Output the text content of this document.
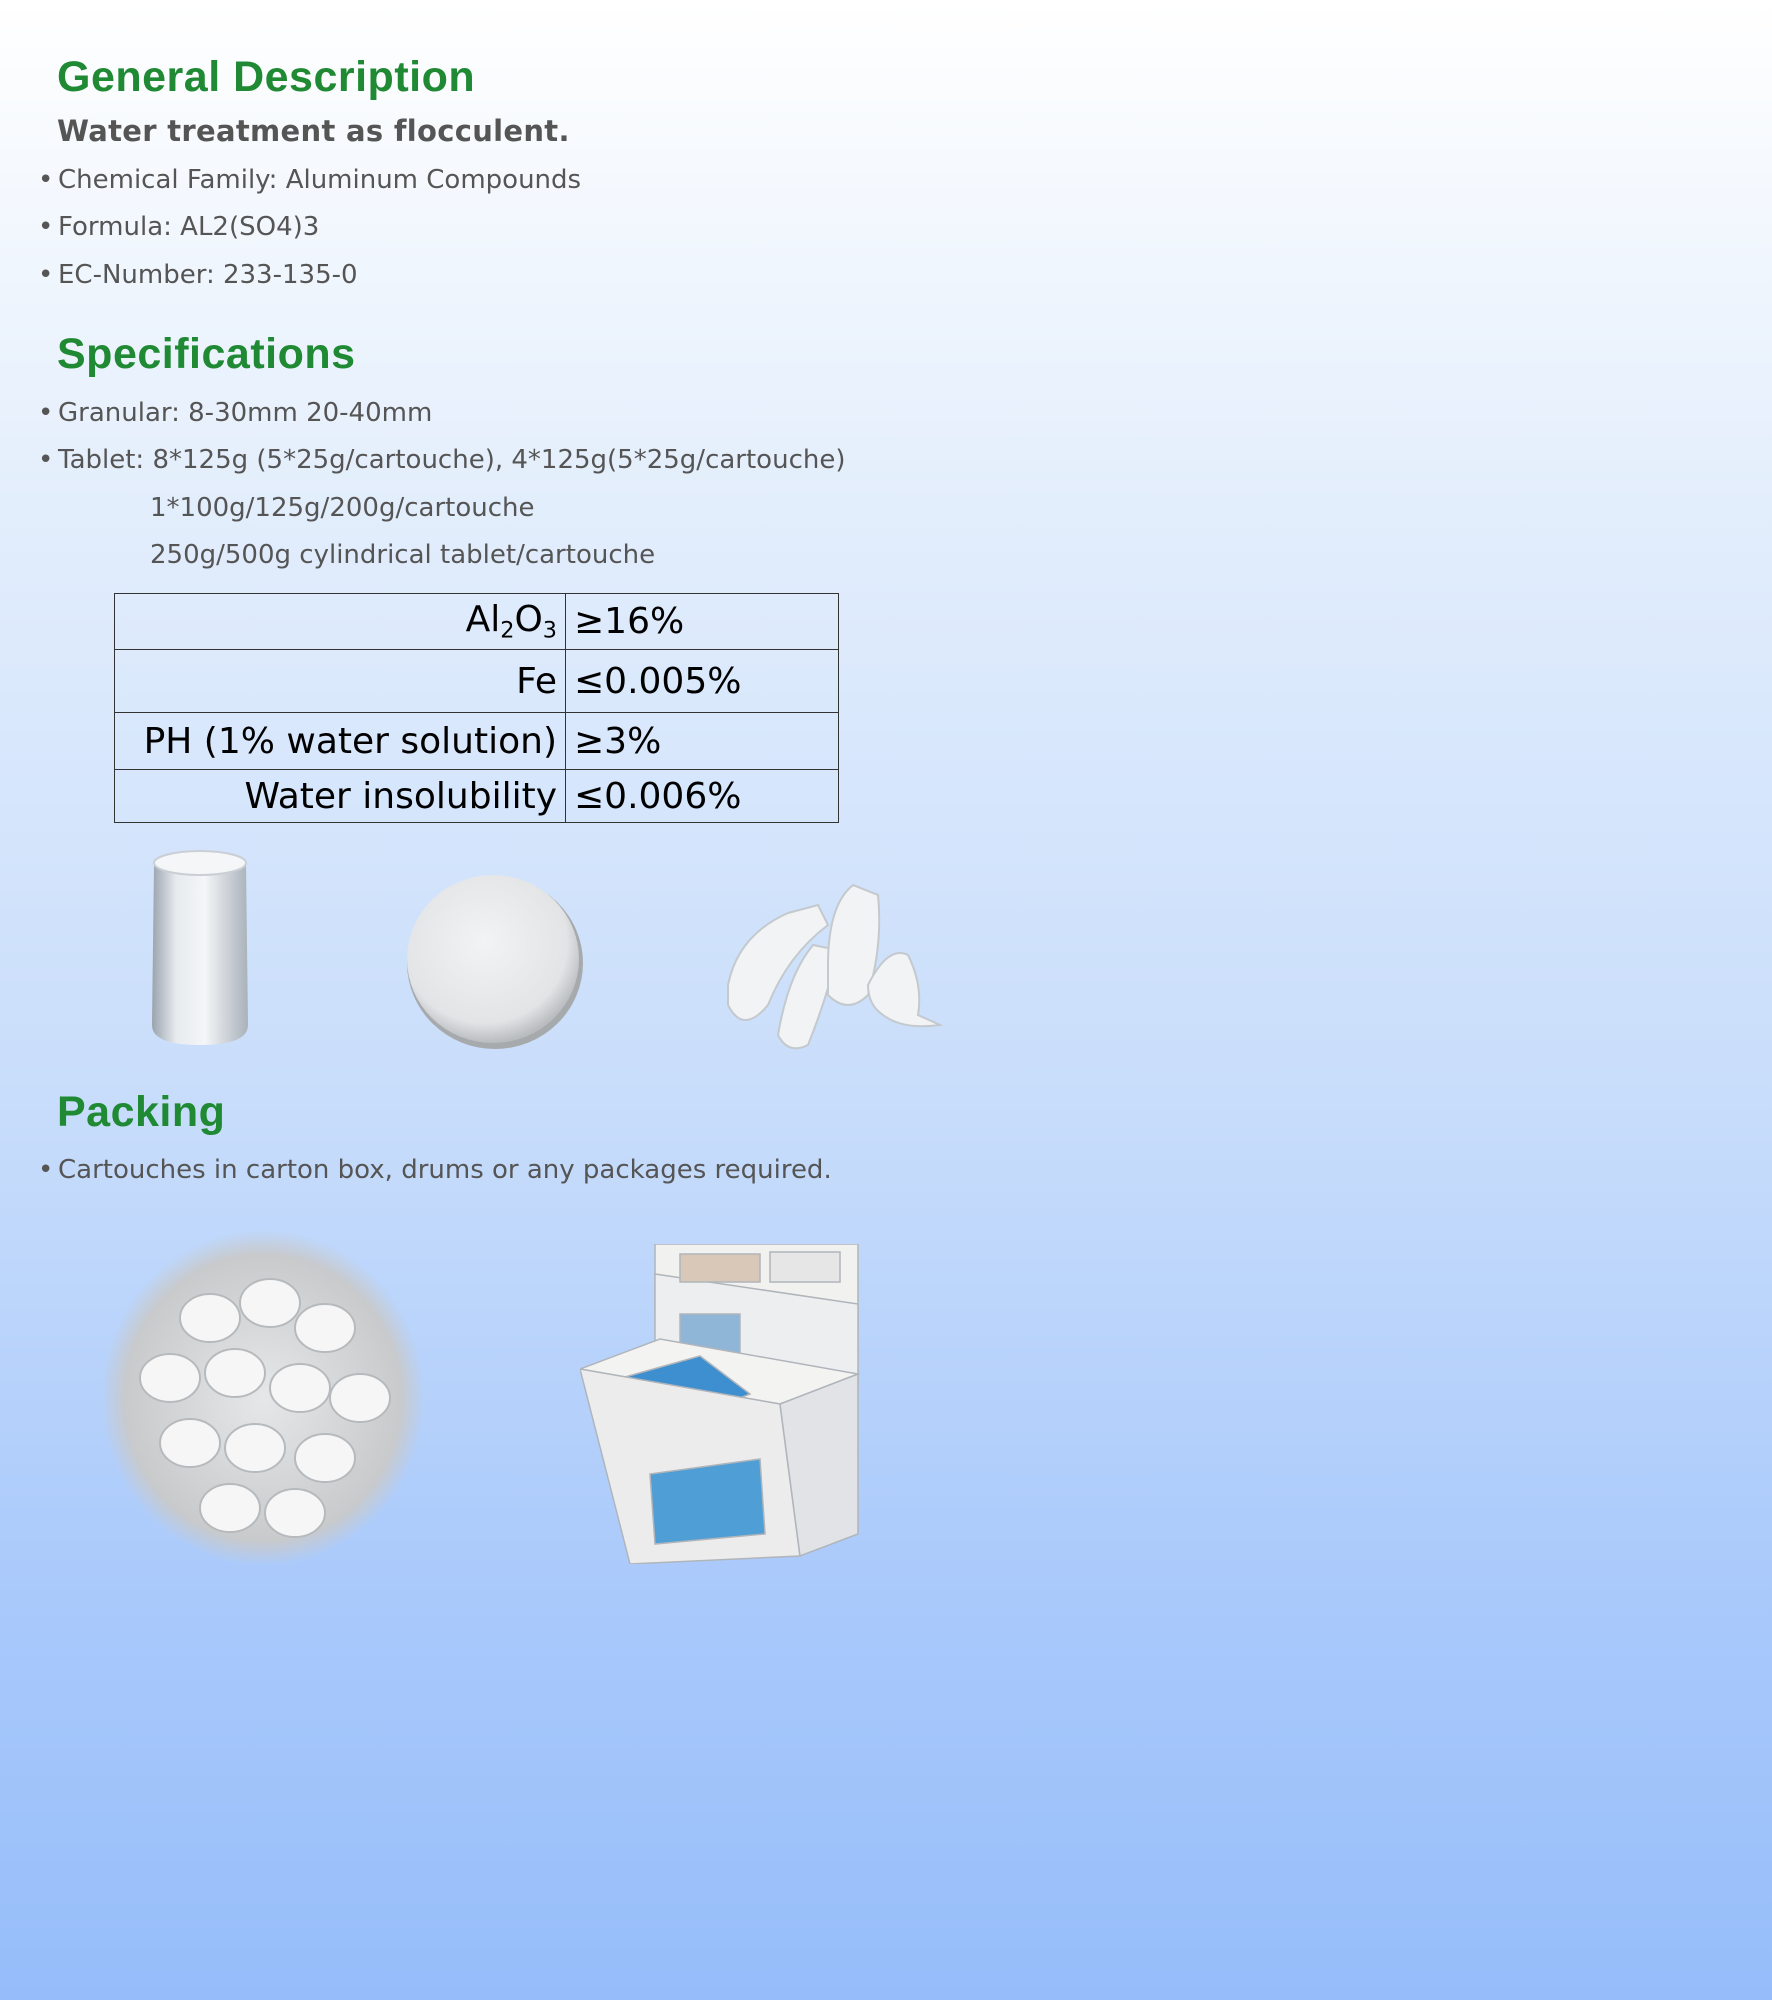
General Description

Water treatment as flocculent.

• Chemical Family: Aluminum Compounds

• Formula: AL2(SO4)3

• EC-Number: 233-135-0

Specifications

• Granular: 8-30mm 20-40mm

• Tablet: 8*125g (5*25g/cartouche), 4*125g(5*25g/cartouche)

1*100g/125g/200g/cartouche

250g/500g cylindrical tablet/cartouche

$Al_2O_3$	≥16%
Fe	≤0.005%
PH (1% water solution)	≥3%
Water insolubility	≤0.006%
Packing

• Cartouches in carton box, drums or any packages required.
